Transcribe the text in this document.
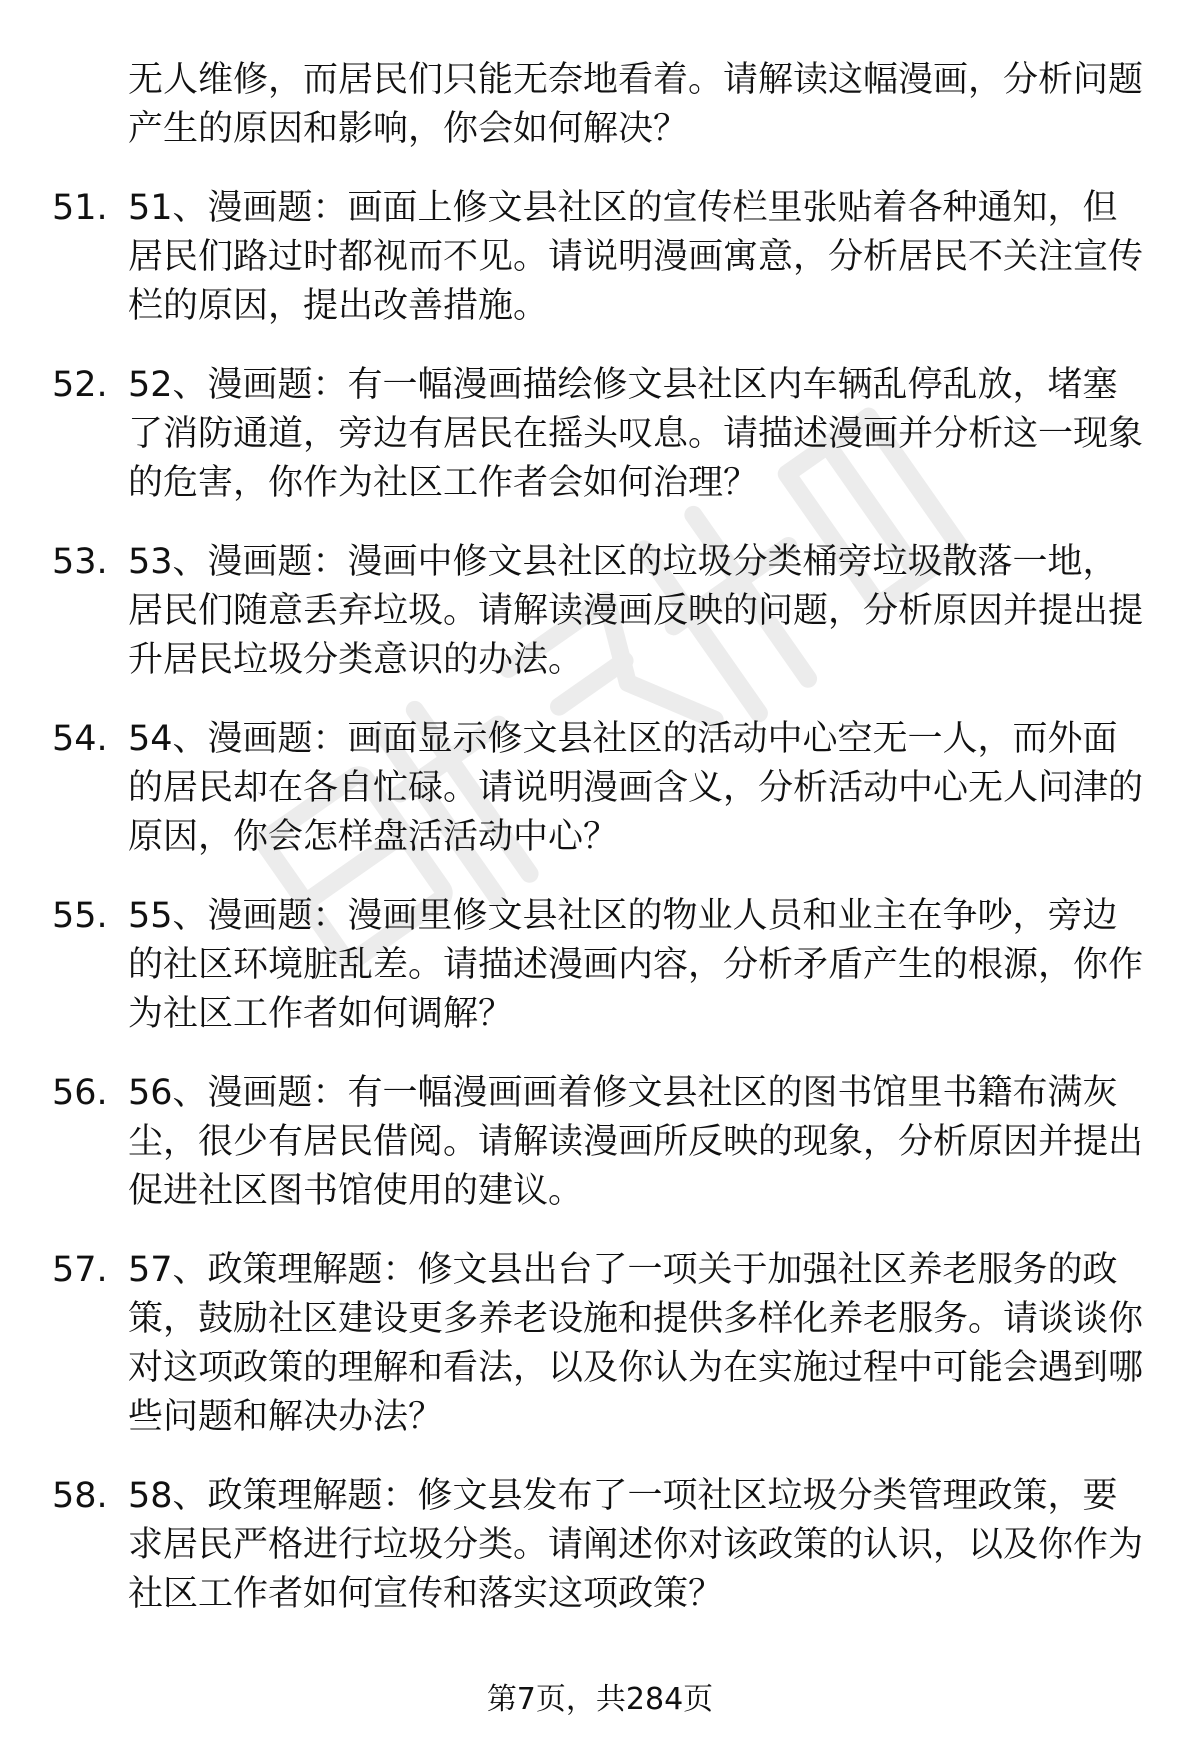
无人维修，而居民们只能无奈地看着。请解读这幅漫画，分析问题产生的原因和影响，你会如何解决？
51. 51、漫画题：画面上修文县社区的宣传栏里张贴着各种通知，但居民们路过时都视而不见。请说明漫画寓意，分析居民不关注宣传栏的原因，提出改善措施。
52. 52、漫画题：有一幅漫画描绘修文县社区内车辆乱停乱放，堵塞了消防通道，旁边有居民在摇头叹息。请描述漫画并分析这一现象的危害，你作为社区工作者会如何治理？
53. 53、漫画题：漫画中修文县社区的垃圾分类桶旁垃圾散落一地，居民们随意丢弃垃圾。请解读漫画反映的问题，分析原因并提出提升居民垃圾分类意识的办法。
54. 54、漫画题：画面显示修文县社区的活动中心空无一人，而外面的居民却在各自忙碌。请说明漫画含义，分析活动中心无人问津的原因，你会怎样盘活活动中心？
55. 55、漫画题：漫画里修文县社区的物业人员和业主在争吵，旁边的社区环境脏乱差。请描述漫画内容，分析矛盾产生的根源，你作为社区工作者如何调解？
56. 56、漫画题：有一幅漫画画着修文县社区的图书馆里书籍布满灰尘，很少有居民借阅。请解读漫画所反映的现象，分析原因并提出促进社区图书馆使用的建议。
57. 57、政策理解题：修文县出台了一项关于加强社区养老服务的政策，鼓励社区建设更多养老设施和提供多样化养老服务。请谈谈你对这项政策的理解和看法，以及你认为在实施过程中可能会遇到哪些问题和解决办法？
58. 58、政策理解题：修文县发布了一项社区垃圾分类管理政策，要求居民严格进行垃圾分类。请阐述你对该政策的认识，以及你作为社区工作者如何宣传和落实这项政策？
第7页，共284页
